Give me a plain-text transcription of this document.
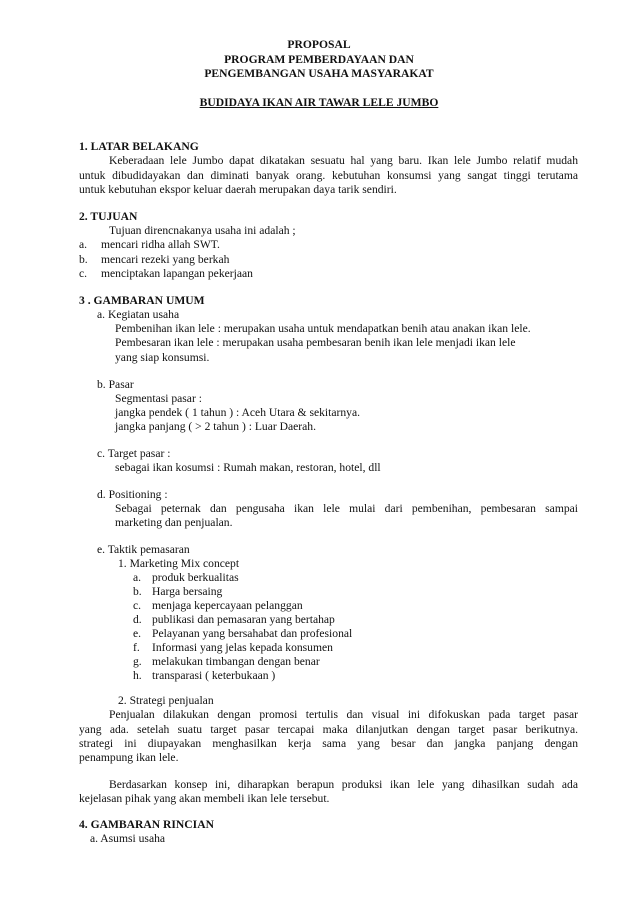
PROPOSAL
PROGRAM PEMBERDAYAAN DAN
PENGEMBANGAN USAHA MASYARAKAT
BUDIDAYA IKAN AIR TAWAR LELE JUMBO
1. LATAR BELAKANG
Keberadaan lele Jumbo dapat dikatakan sesuatu hal yang baru. Ikan lele Jumbo relatif mudah
untuk dibudidayakan dan diminati banyak orang. kebutuhan konsumsi yang sangat tinggi terutama
untuk kebutuhan ekspor keluar daerah merupakan daya tarik sendiri.
2. TUJUAN
Tujuan direncnakanya usaha ini adalah ;
a. mencari ridha allah SWT.
b. mencari rezeki yang berkah
c. menciptakan lapangan pekerjaan
3 . GAMBARAN UMUM
a. Kegiatan usaha
Pembenihan ikan lele : merupakan usaha untuk mendapatkan benih atau anakan ikan lele.
Pembesaran ikan lele : merupakan usaha pembesaran benih ikan lele menjadi ikan lele
yang siap konsumsi.
b. Pasar
Segmentasi pasar :
jangka pendek ( 1 tahun ) : Aceh Utara & sekitarnya.
jangka panjang ( > 2 tahun ) : Luar Daerah.
c. Target pasar :
sebagai ikan kosumsi : Rumah makan, restoran, hotel, dll
d. Positioning :
Sebagai peternak dan pengusaha ikan lele mulai dari pembenihan, pembesaran sampai
marketing dan penjualan.
e. Taktik pemasaran
1. Marketing Mix concept
a. produk berkualitas
b. Harga bersaing
c. menjaga kepercayaan pelanggan
d. publikasi dan pemasaran yang bertahap
e. Pelayanan yang bersahabat dan profesional
f. Informasi yang jelas kepada konsumen
g. melakukan timbangan dengan benar
h. transparasi ( keterbukaan )
2. Strategi penjualan
Penjualan dilakukan dengan promosi tertulis dan visual ini difokuskan pada target pasar
yang ada. setelah suatu target pasar tercapai maka dilanjutkan dengan target pasar berikutnya.
strategi ini diupayakan menghasilkan kerja sama yang besar dan jangka panjang dengan
penampung ikan lele.
Berdasarkan konsep ini, diharapkan berapun produksi ikan lele yang dihasilkan sudah ada
kejelasan pihak yang akan membeli ikan lele tersebut.
4. GAMBARAN RINCIAN
a. Asumsi usaha
